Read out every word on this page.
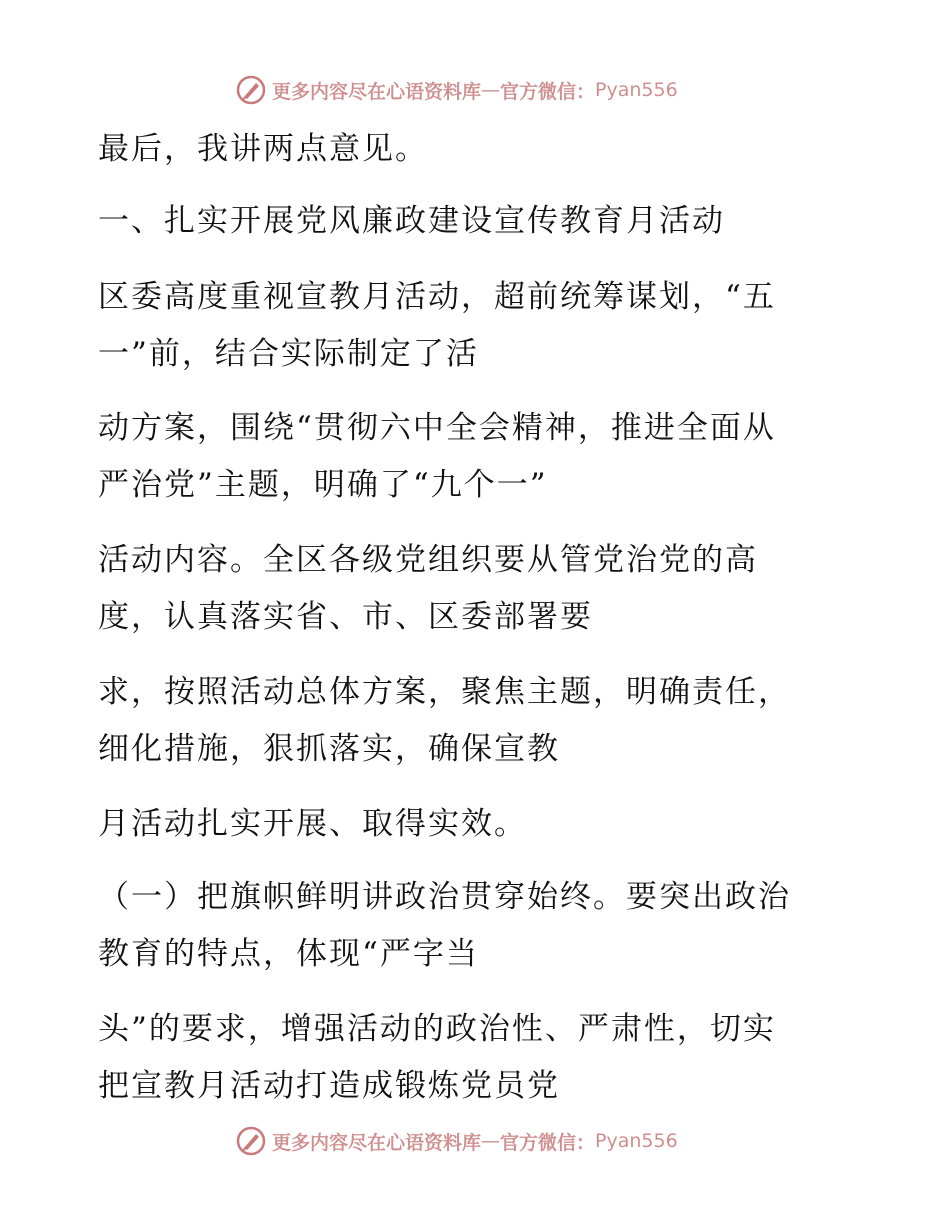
更多内容尽在心语资料库 — 官方微信： Pyan556
最后，我讲两点意见。
一、扎实开展党风廉政建设宣传教育月活动
区委高度重视宣教月活动，超前统筹谋划，“五
一”前，结合实际制定了活
动方案，围绕“贯彻六中全会精神，推进全面从
严治党”主题，明确了“九个一”
活动内容。全区各级党组织要从管党治党的高
度，认真落实省、市、区委部署要
求，按照活动总体方案，聚焦主题，明确责任，
细化措施，狠抓落实，确保宣教
月活动扎实开展、取得实效。
（一）把旗帜鲜明讲政治贯穿始终。要突出政治
教育的特点，体现“严字当
头”的要求，增强活动的政治性、严肃性，切实
把宣教月活动打造成锻炼党员党
更多内容尽在心语资料库 — 官方微信： Pyan556
